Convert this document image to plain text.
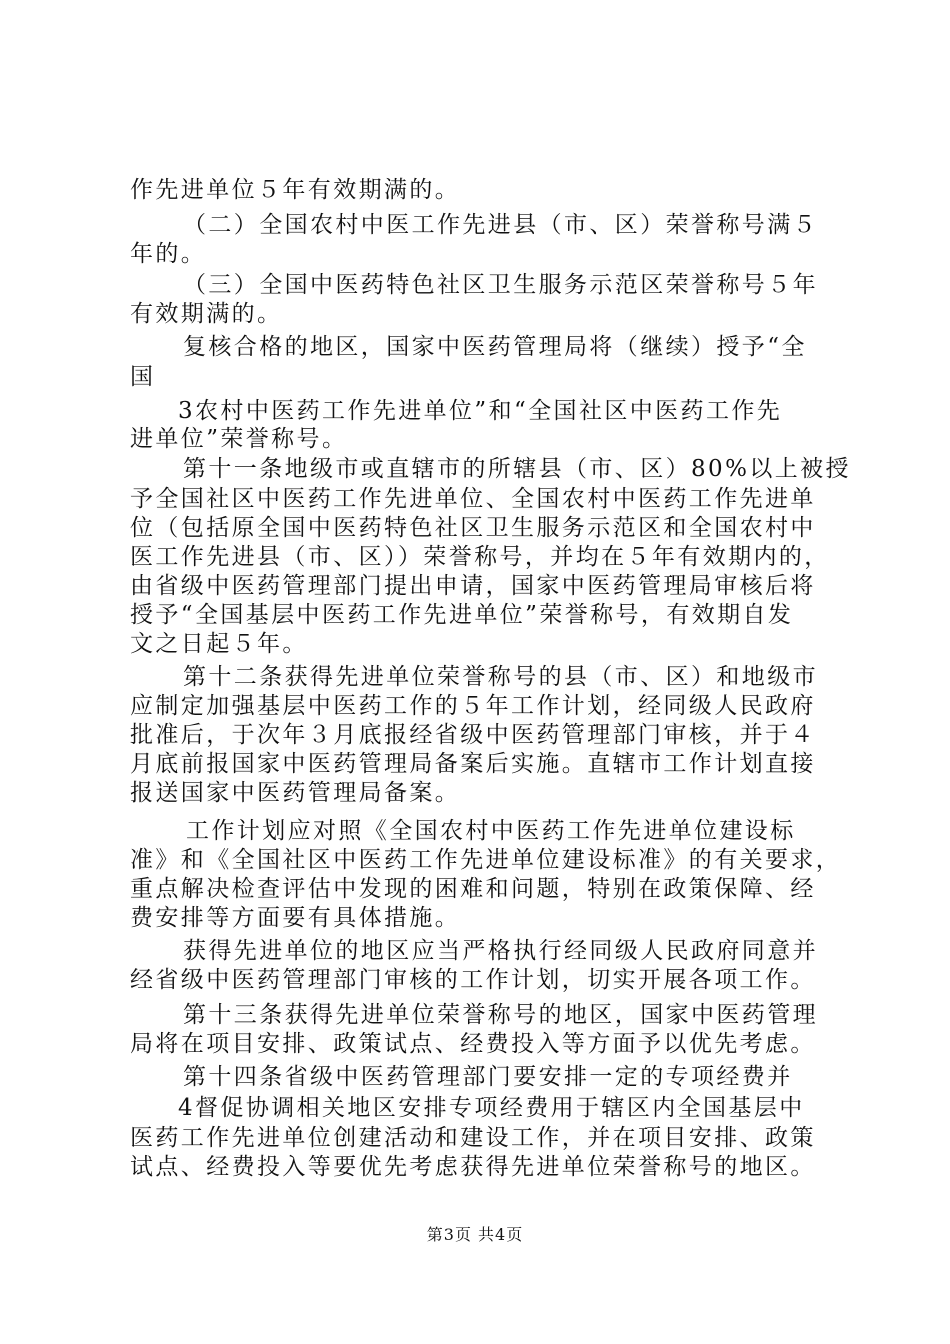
作先进单位５年有效期满的。
（二）全国农村中医工作先进县（市、区）荣誉称号满５
年的。
（三）全国中医药特色社区卫生服务示范区荣誉称号５年
有效期满的。
复核合格的地区，国家中医药管理局将（继续）授予“全
国
3农村中医药工作先进单位”和“全国社区中医药工作先
进单位”荣誉称号。
第十一条地级市或直辖市的所辖县（市、区）80%以上被授
予全国社区中医药工作先进单位、全国农村中医药工作先进单
位（包括原全国中医药特色社区卫生服务示范区和全国农村中
医工作先进县（市、区））荣誉称号，并均在５年有效期内的，
由省级中医药管理部门提出申请，国家中医药管理局审核后将
授予“全国基层中医药工作先进单位”荣誉称号，有效期自发
文之日起５年。
第十二条获得先进单位荣誉称号的县（市、区）和地级市
应制定加强基层中医药工作的５年工作计划，经同级人民政府
批准后，于次年３月底报经省级中医药管理部门审核，并于４
月底前报国家中医药管理局备案后实施。直辖市工作计划直接
报送国家中医药管理局备案。
工作计划应对照《全国农村中医药工作先进单位建设标
准》和《全国社区中医药工作先进单位建设标准》的有关要求，
重点解决检查评估中发现的困难和问题，特别在政策保障、经
费安排等方面要有具体措施。
获得先进单位的地区应当严格执行经同级人民政府同意并
经省级中医药管理部门审核的工作计划，切实开展各项工作。
第十三条获得先进单位荣誉称号的地区，国家中医药管理
局将在项目安排、政策试点、经费投入等方面予以优先考虑。
第十四条省级中医药管理部门要安排一定的专项经费并
4督促协调相关地区安排专项经费用于辖区内全国基层中
医药工作先进单位创建活动和建设工作，并在项目安排、政策
试点、经费投入等要优先考虑获得先进单位荣誉称号的地区。
第3页 共4页
